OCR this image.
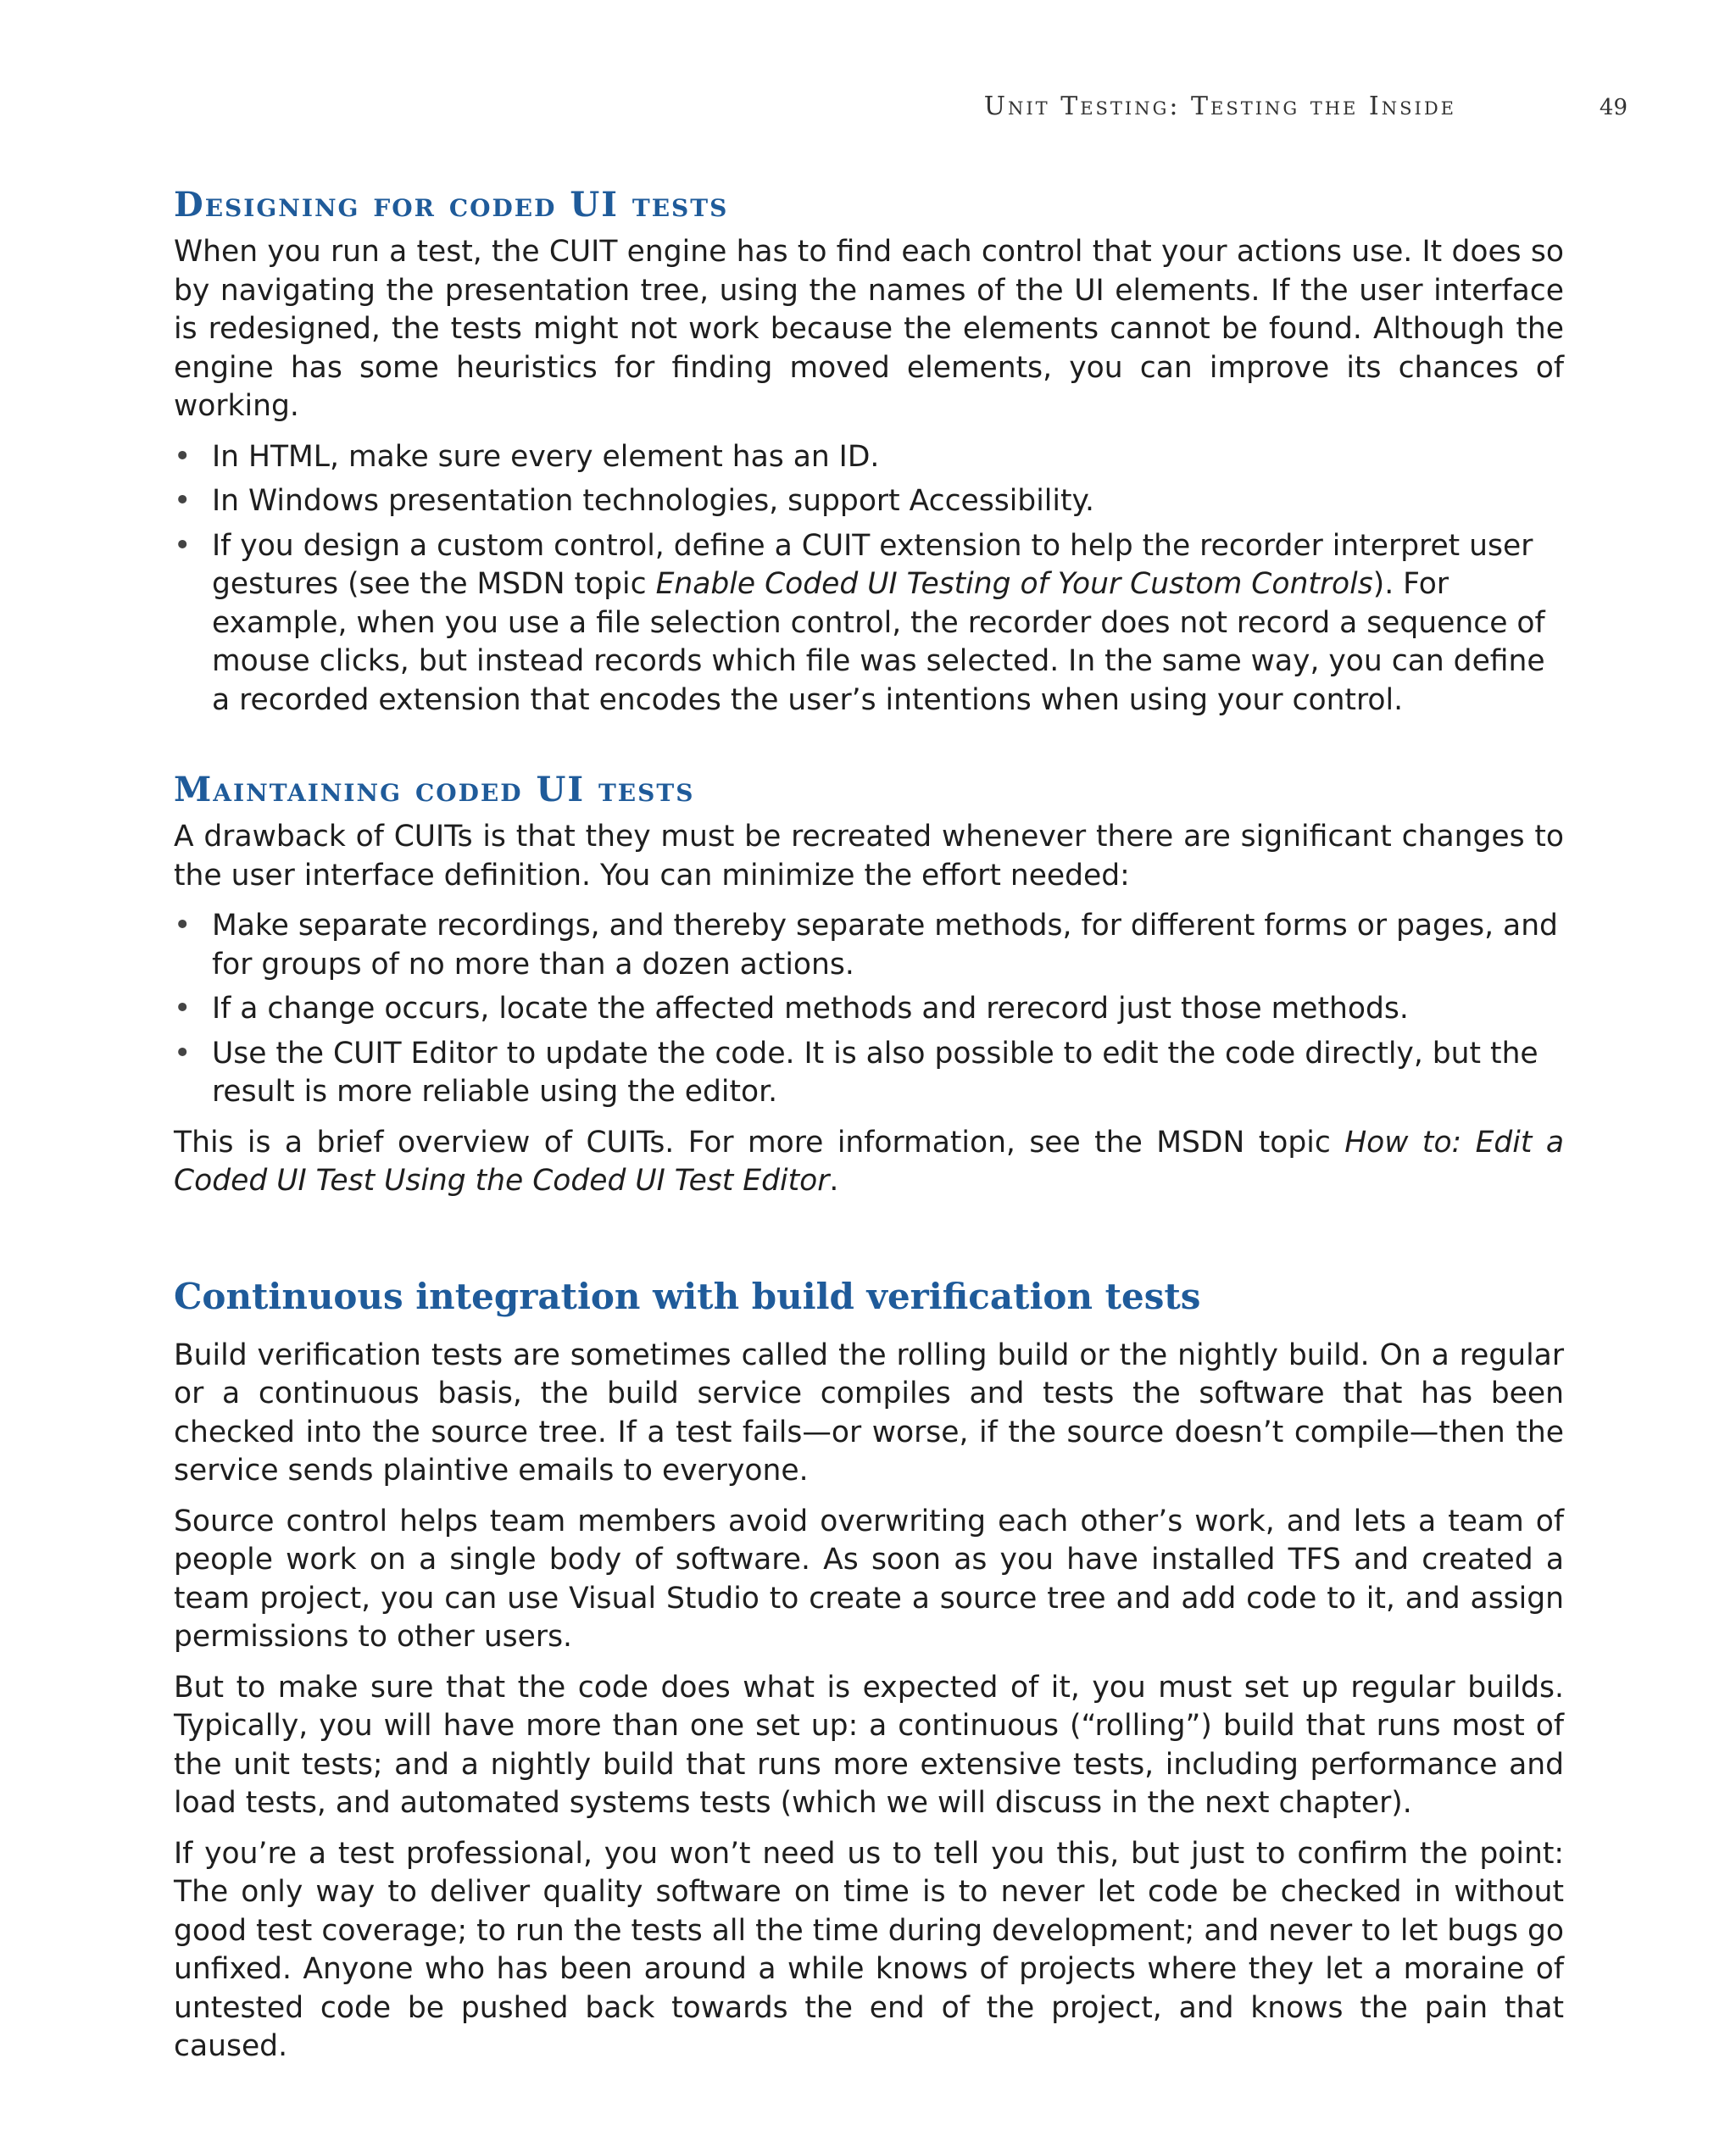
Unit Testing: Testing the Inside	49
Designing for coded UI tests

When you run a test, the CUIT engine has to find each control that your actions use. It does so by navigating the presentation tree, using the names of the UI elements. If the user interface is redesigned, the tests might not work because the elements cannot be found. Although the engine has some heuristics for finding moved elements, you can improve its chances of working.

• In HTML, make sure every element has an ID.
• In Windows presentation technologies, support Accessibility.
• If you design a custom control, define a CUIT extension to help the recorder interpret user gestures (see the MSDN topic Enable Coded UI Testing of Your Custom Controls). For example, when you use a file selection control, the recorder does not record a sequence of mouse clicks, but instead records which file was selected. In the same way, you can define a recorded extension that encodes the user’s intentions when using your control.
Maintaining coded UI tests

A drawback of CUITs is that they must be recreated whenever there are significant changes to the user interface definition. You can minimize the effort needed:

• Make separate recordings, and thereby separate methods, for different forms or pages, and for groups of no more than a dozen actions.
• If a change occurs, locate the affected methods and rerecord just those methods.
• Use the CUIT Editor to update the code. It is also possible to edit the code directly, but the result is more reliable using the editor.

This is a brief overview of CUITs. For more information, see the MSDN topic How to: Edit a Coded UI Test Using the Coded UI Test Editor.

Continuous integration with build verification tests

Build verification tests are sometimes called the rolling build or the nightly build. On a regular or a continuous basis, the build service compiles and tests the software that has been checked into the source tree. If a test fails—or worse, if the source doesn’t compile—then the service sends plaintive emails to everyone.

Source control helps team members avoid overwriting each other’s work, and lets a team of people work on a single body of software. As soon as you have installed TFS and created a team project, you can use Visual Studio to create a source tree and add code to it, and assign permissions to other users.

But to make sure that the code does what is expected of it, you must set up regular builds. Typically, you will have more than one set up: a continuous (“rolling”) build that runs most of the unit tests; and a nightly build that runs more extensive tests, including performance and load tests, and automated systems tests (which we will discuss in the next chapter).

If you’re a test professional, you won’t need us to tell you this, but just to confirm the point: The only way to deliver quality software on time is to never let code be checked in without good test coverage; to run the tests all the time during development; and never to let bugs go unfixed. Anyone who has been around a while knows of projects where they let a moraine of untested code be pushed back towards the end of the project, and knows the pain that caused.
